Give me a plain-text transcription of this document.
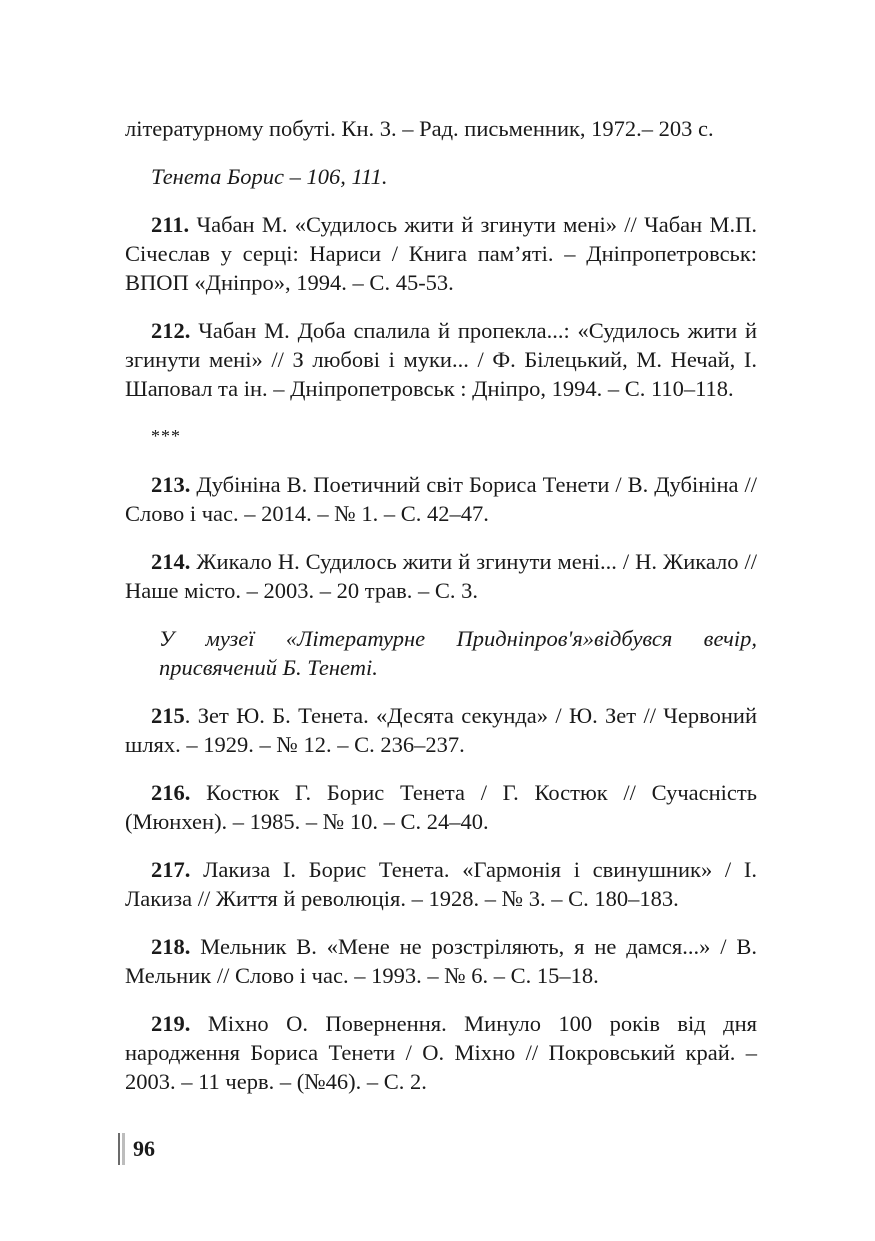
літературному побуті. Кн. 3. – Рад. письменник, 1972.– 203 с.

Тенета Борис – 106, 111.

211. Чабан М. «Судилось жити й згинути мені» // Чабан М.П. Січеслав у серці: Нариси / Книга пам’яті. – Дніпропетровськ: ВПОП «Дніпро», 1994. – С. 45-53.

212. Чабан М. Доба спалила й пропекла...: «Судилось жити й згинути мені» // З любові і муки... / Ф. Білецький, М. Нечай, І. Шаповал та ін. – Дніпропетровськ : Дніпро, 1994. – С. 110–118.

***

213. Дубініна В. Поетичний світ Бориса Тенети / В. Дубініна // Слово і час. – 2014. – № 1. – С. 42–47.

214. Жикало Н. Судилось жити й згинути мені... / Н. Жикало // Наше місто. – 2003. – 20 трав. – С. 3.

У музеї «Літературне Придніпров'я»відбувся вечір, присвячений Б. Тенеті.

215. Зет Ю. Б. Тенета. «Десята секунда» / Ю. Зет // Червоний шлях. – 1929. – № 12. – С. 236–237.

216. Костюк Г. Борис Тенета / Г. Костюк // Сучасність (Мюнхен). – 1985. – № 10. – С. 24–40.

217. Лакиза І. Борис Тенета. «Гармонія і свинушник» / І. Лакиза // Життя й революція. – 1928. – № 3. – С. 180–183.

218. Мельник В. «Мене не розстріляють, я не дамся...» / В. Мельник // Слово і час. – 1993. – № 6. – С. 15–18.

219. Міхно О. Повернення. Минуло 100 років від дня народження Бориса Тенети / О. Міхно // Покровський край. – 2003. – 11 черв. – (№46). – С. 2.

96
